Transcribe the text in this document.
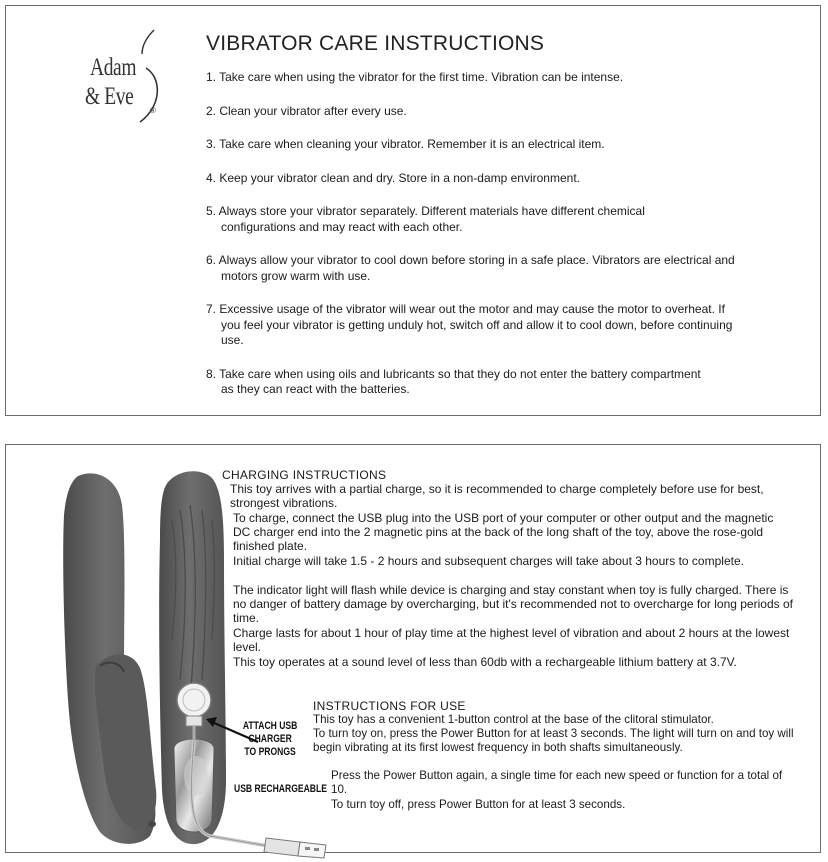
Adam
& Eve
®
VIBRATOR CARE INSTRUCTIONS
1. Take care when using the vibrator for the first time. Vibration can be intense.
2. Clean your vibrator after every use.
3. Take care when cleaning your vibrator. Remember it is an electrical item.
4. Keep your vibrator clean and dry. Store in a non-damp environment.
5. Always store your vibrator separately. Different materials have different chemical configurations and may react with each other.
6. Always allow your vibrator to cool down before storing in a safe place. Vibrators are electrical and motors grow warm with use.
7. Excessive usage of the vibrator will wear out the motor and may cause the motor to overheat. If you feel your vibrator is getting unduly hot, switch off and allow it to cool down, before continuing use.
8. Take care when using oils and lubricants so that they do not enter the battery compartment as they can react with the batteries.
ATTACH USB
CHARGER
TO PRONGS
USB RECHARGEABLE
CHARGING INSTRUCTIONS

This toy arrives with a partial charge, so it is recommended to charge completely before use for best, strongest vibrations.

To charge, connect the USB plug into the USB port of your computer or other output and the magnetic DC charger end into the 2 magnetic pins at the back of the long shaft of the toy, above the rose-gold finished plate.

Initial charge will take 1.5 - 2 hours and subsequent charges will take about 3 hours to complete.

The indicator light will flash while device is charging and stay constant when toy is fully charged. There is no danger of battery damage by overcharging, but it's recommended not to overcharge for long periods of time.

Charge lasts for about 1 hour of play time at the highest level of vibration and about 2 hours at the lowest level.

This toy operates at a sound level of less than 60db with a rechargeable lithium battery at 3.7V.

INSTRUCTIONS FOR USE

This toy has a convenient 1-button control at the base of the clitoral stimulator.

To turn toy on, press the Power Button for at least 3 seconds. The light will turn on and toy will begin vibrating at its first lowest frequency in both shafts simultaneously.

Press the Power Button again, a single time for each new speed or function for a total of 10.

To turn toy off, press Power Button for at least 3 seconds.
